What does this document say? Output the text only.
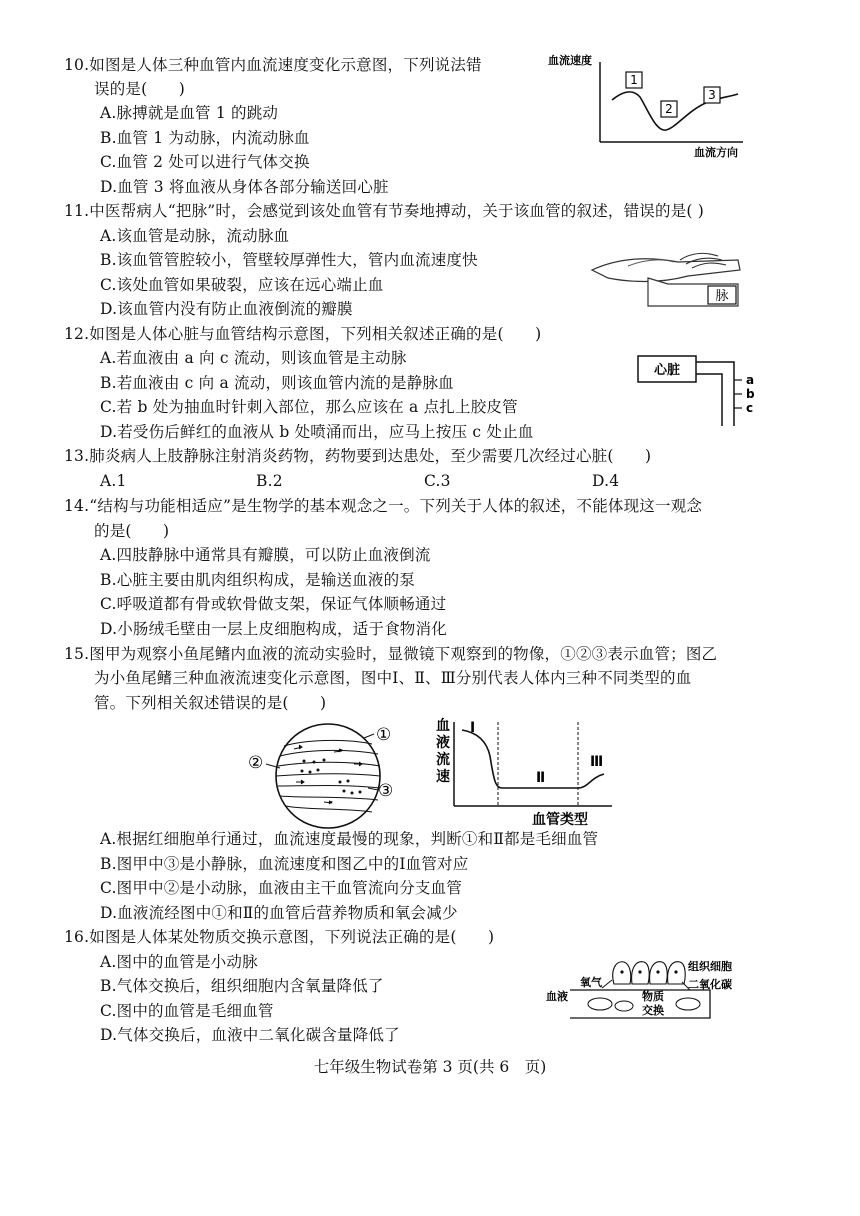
10.如图是人体三种血管内血流速度变化示意图，下列说法错
误的是(　　)
A.脉搏就是血管 1 的跳动
B.血管 1 为动脉，内流动脉血
C.血管 2 处可以进行气体交换
D.血管 3 将血液从身体各部分输送回心脏
血流速度
1
2
3
血流方向
11.中医帮病人“把脉”时，会感觉到该处血管有节奏地搏动，关于该血管的叙述，错误的是( )
A.该血管是动脉，流动脉血
B.该血管管腔较小，管壁较厚弹性大，管内血流速度快
C.该处血管如果破裂，应该在远心端止血
D.该血管内没有防止血液倒流的瓣膜
脉
12.如图是人体心脏与血管结构示意图，下列相关叙述正确的是(　　)
A.若血液由 a 向 c 流动，则该血管是主动脉
B.若血液由 c 向 a 流动，则该血管内流的是静脉血
C.若 b 处为抽血时针刺入部位，那么应该在 a 点扎上胶皮管
D.若受伤后鲜红的血液从 b 处喷涌而出，应马上按压 c 处止血
心脏
a
b
c
13.肺炎病人上肢静脉注射消炎药物，药物要到达患处，至少需要几次经过心脏(　　)
A.1	B.2	C.3	D.4
14.“结构与功能相适应”是生物学的基本观念之一。下列关于人体的叙述，不能体现这一观念
的是(　　)
A.四肢静脉中通常具有瓣膜，可以防止血液倒流
B.心脏主要由肌肉组织构成，是输送血液的泵
C.呼吸道都有骨或软骨做支架，保证气体顺畅通过
D.小肠绒毛壁由一层上皮细胞构成，适于食物消化
15.图甲为观察小鱼尾鳍内血液的流动实验时，显微镜下观察到的物像，①②③表示血管；图乙
为小鱼尾鳍三种血液流速变化示意图，图中Ⅰ、Ⅱ、Ⅲ分别代表人体内三种不同类型的血
管。下列相关叙述错误的是(　　)
①
②
③
血
液
流
速
Ⅰ
Ⅱ
Ⅲ
血管类型
A.根据红细胞单行通过，血流速度最慢的现象，判断①和Ⅱ都是毛细血管
B.图甲中③是小静脉，血流速度和图乙中的Ⅰ血管对应
C.图甲中②是小动脉，血液由主干血管流向分支血管
D.血液流经图中①和Ⅱ的血管后营养物质和氧会减少
16.如图是人体某处物质交换示意图，下列说法正确的是(　　)
A.图中的血管是小动脉
B.气体交换后，组织细胞内含氧量降低了
C.图中的血管是毛细血管
D.气体交换后，血液中二氧化碳含量降低了
组织细胞
二氧化碳
氧气
血液	物质
交换
七年级生物试卷第 3 页(共 6　页)
